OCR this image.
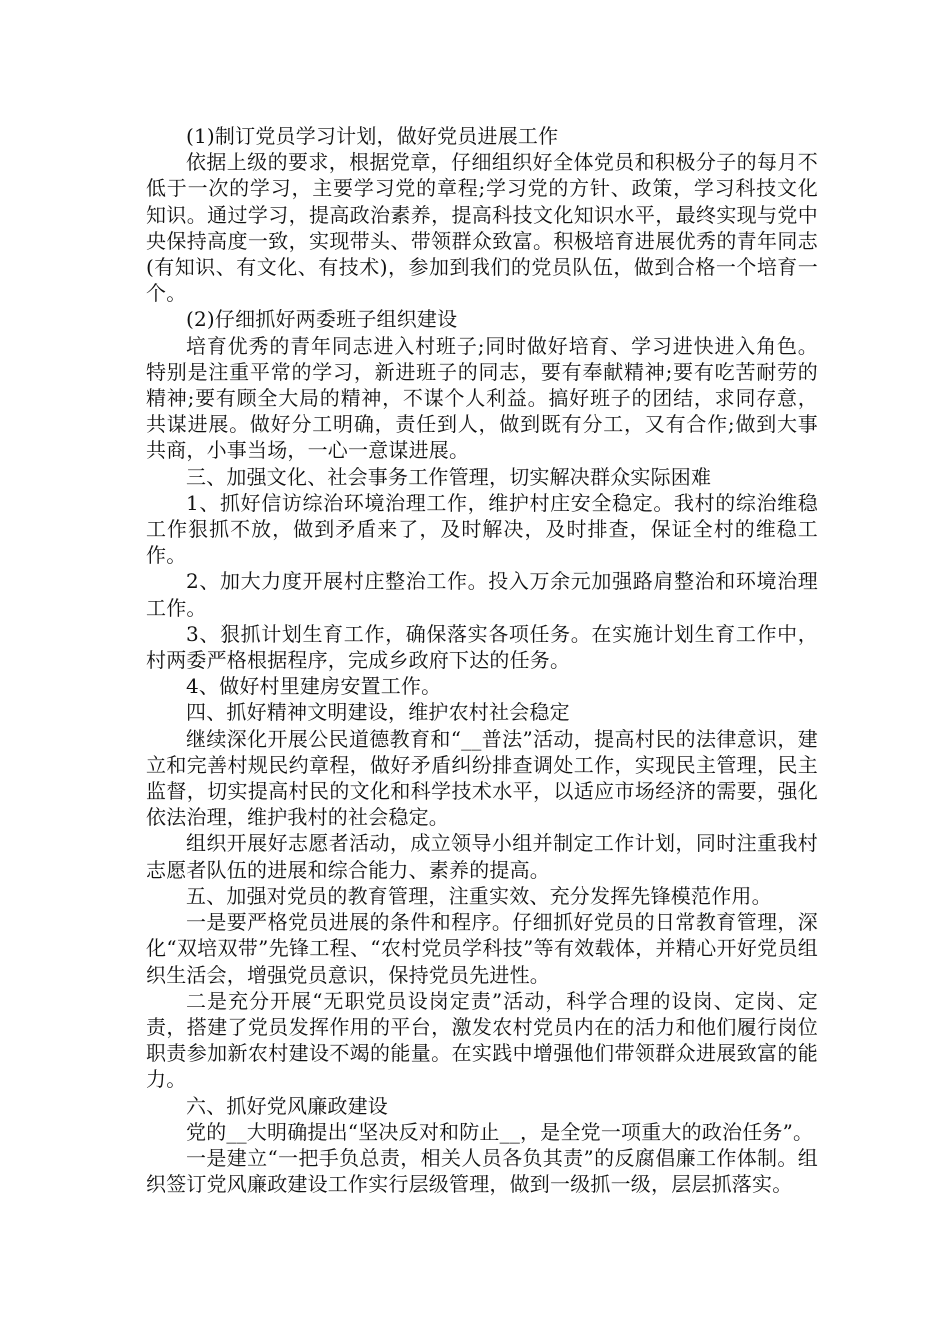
(1)制订党员学习计划，做好党员进展工作

依据上级的要求，根据党章，仔细组织好全体党员和积极分子的每月不低于一次的学习，主要学习党的章程;学习党的方针、政策，学习科技文化知识。通过学习，提高政治素养，提高科技文化知识水平，最终实现与党中央保持高度一致，实现带头、带领群众致富。积极培育进展优秀的青年同志(有知识、有文化、有技术)，参加到我们的党员队伍，做到合格一个培育一个。

(2)仔细抓好两委班子组织建设

培育优秀的青年同志进入村班子;同时做好培育、学习进快进入角色。特别是注重平常的学习，新进班子的同志，要有奉献精神;要有吃苦耐劳的精神;要有顾全大局的精神，不谋个人利益。搞好班子的团结，求同存意，共谋进展。做好分工明确，责任到人，做到既有分工，又有合作;做到大事共商，小事当场，一心一意谋进展。

三、加强文化、社会事务工作管理，切实解决群众实际困难

1、抓好信访综治环境治理工作，维护村庄安全稳定。我村的综治维稳工作狠抓不放，做到矛盾来了，及时解决，及时排查，保证全村的维稳工作。

2、加大力度开展村庄整治工作。投入万余元加强路肩整治和环境治理工作。

3、狠抓计划生育工作，确保落实各项任务。在实施计划生育工作中，村两委严格根据程序，完成乡政府下达的任务。

4、做好村里建房安置工作。

四、抓好精神文明建设，维护农村社会稳定

继续深化开展公民道德教育和“__普法”活动，提高村民的法律意识，建立和完善村规民约章程，做好矛盾纠纷排查调处工作，实现民主管理，民主监督，切实提高村民的文化和科学技术水平，以适应市场经济的需要，强化依法治理，维护我村的社会稳定。

组织开展好志愿者活动，成立领导小组并制定工作计划，同时注重我村志愿者队伍的进展和综合能力、素养的提高。

五、加强对党员的教育管理，注重实效、充分发挥先锋模范作用。

一是要严格党员进展的条件和程序。仔细抓好党员的日常教育管理，深化“双培双带”先锋工程、“农村党员学科技”等有效载体，并精心开好党员组织生活会，增强党员意识，保持党员先进性。

二是充分开展“无职党员设岗定责”活动，科学合理的设岗、定岗、定责，搭建了党员发挥作用的平台，激发农村党员内在的活力和他们履行岗位职责参加新农村建设不竭的能量。在实践中增强他们带领群众进展致富的能力。

六、抓好党风廉政建设

党的__大明确提出“坚决反对和防止__，是全党一项重大的政治任务”。

一是建立“一把手负总责，相关人员各负其责”的反腐倡廉工作体制。组织签订党风廉政建设工作实行层级管理，做到一级抓一级，层层抓落实。
